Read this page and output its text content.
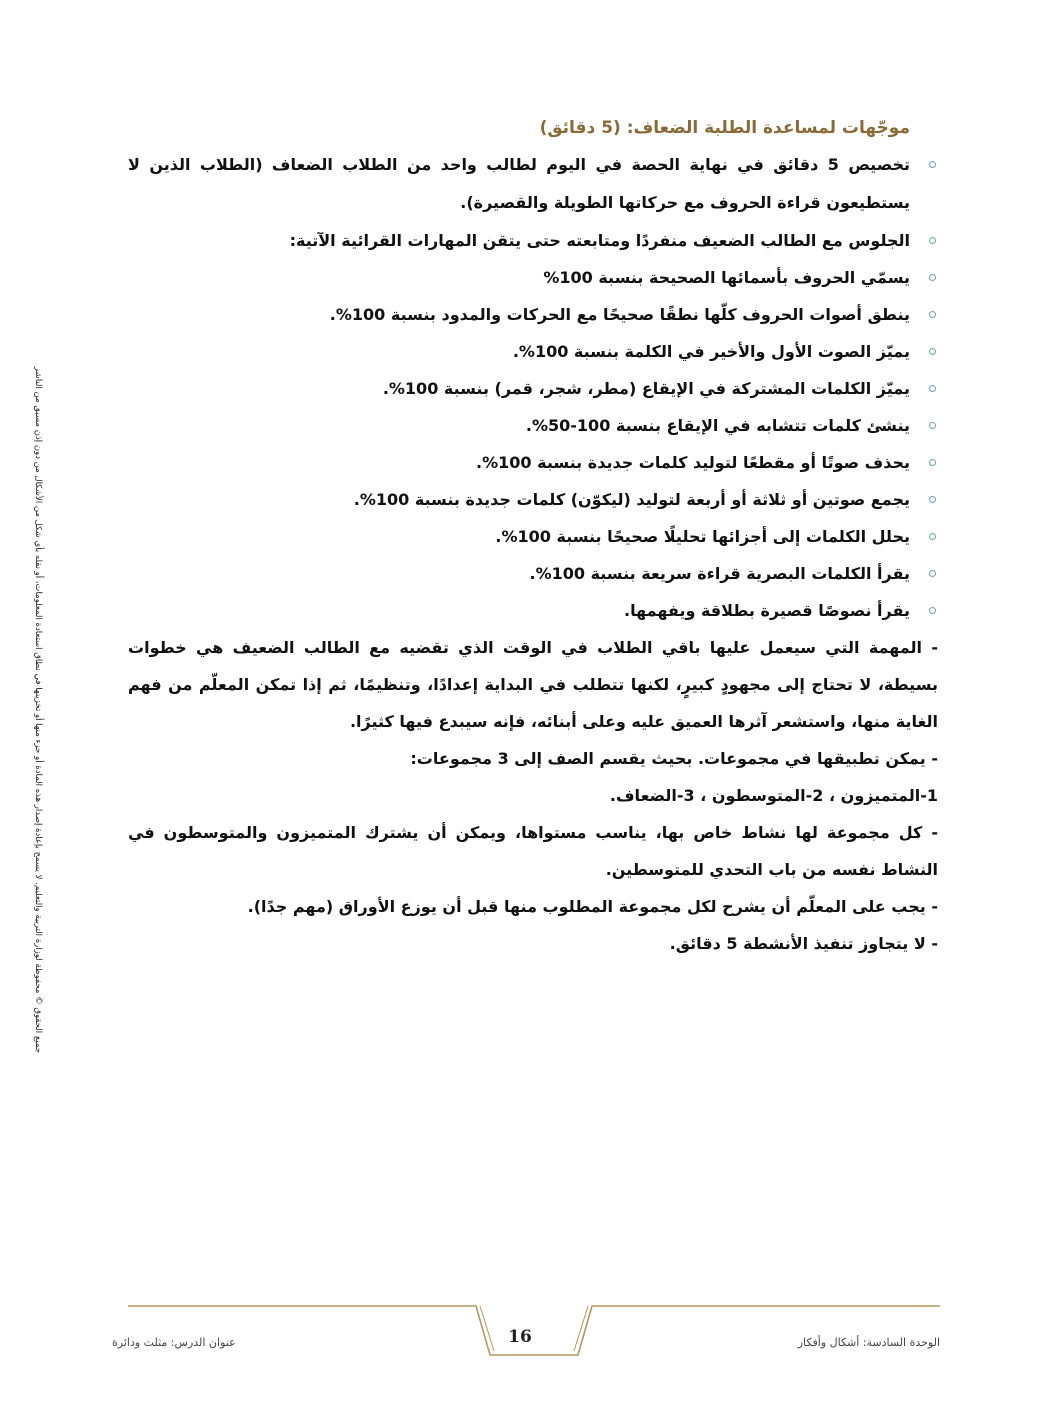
جميع الحقوق © محفوظة لوزارة التربية والتعليم. لا يسمح بإعادة إصدار هذه المادة أو جزء منها أو تخزينها في نطاق استعادة المعلومات، أو نقله بأي شكل من الأشكال من دون إذن مسبق من الناشر
موجّهات لمساعدة الطلبة الضعاف: (5 دقائق)
تخصيص 5 دقائق في نهاية الحصة في اليوم لطالب واحد من الطلاب الضعاف (الطلاب الذين لا يستطيعون قراءة الحروف مع حركاتها الطويلة والقصيرة).
الجلوس مع الطالب الضعيف منفردًا ومتابعته حتى يتقن المهارات القرائية الآتية:
يسمّي الحروف بأسمائها الصحيحة بنسبة 100%
ينطق أصوات الحروف كلّها نطقًا صحيحًا مع الحركات والمدود بنسبة 100%.
يميّز الصوت الأول والأخير في الكلمة بنسبة 100%.
يميّز الكلمات المشتركة في الإيقاع (مطر، شجر، قمر) بنسبة 100%.
ينشئ كلمات تتشابه في الإيقاع بنسبة 100-50%.
يحذف صوتًا أو مقطعًا لتوليد كلمات جديدة بنسبة 100%.
يجمع صوتين أو ثلاثة أو أربعة لتوليد (ليكوّن) كلمات جديدة بنسبة 100%.
يحلل الكلمات إلى أجزائها تحليلًا صحيحًا بنسبة 100%.
يقرأ الكلمات البصرية قراءة سريعة بنسبة 100%.
يقرأ نصوصًا قصيرة بطلاقة ويفهمها.

- المهمة التي سيعمل عليها باقي الطلاب في الوقت الذي تقضيه مع الطالب الضعيف هي خطوات بسيطة، لا تحتاج إلى مجهودٍ كبيرٍ، لكنها تتطلب في البداية إعدادًا، وتنظيمًا، ثم إذا تمكن المعلّم من فهم الغاية منها، واستشعر آثرها العميق عليه وعلى أبنائه، فإنه سيبدع فيها كثيرًا.

- يمكن تطبيقها في مجموعات. بحيث يقسم الصف إلى 3 مجموعات:

1-المتميزون ، 2-المتوسطون ، 3-الضعاف.

- كل مجموعة لها نشاط خاص بها، يناسب مستواها، ويمكن أن يشترك المتميزون والمتوسطون في النشاط نفسه من باب التحدي للمتوسطين.

- يجب على المعلّم أن يشرح لكل مجموعة المطلوب منها قبل أن يوزع الأوراق (مهم جدًا).

- لا يتجاوز تنفيذ الأنشطة 5 دقائق.

عنوان الدرس: مثلث ودائرة	16	الوحدة السادسة: أشكال وأفكار
